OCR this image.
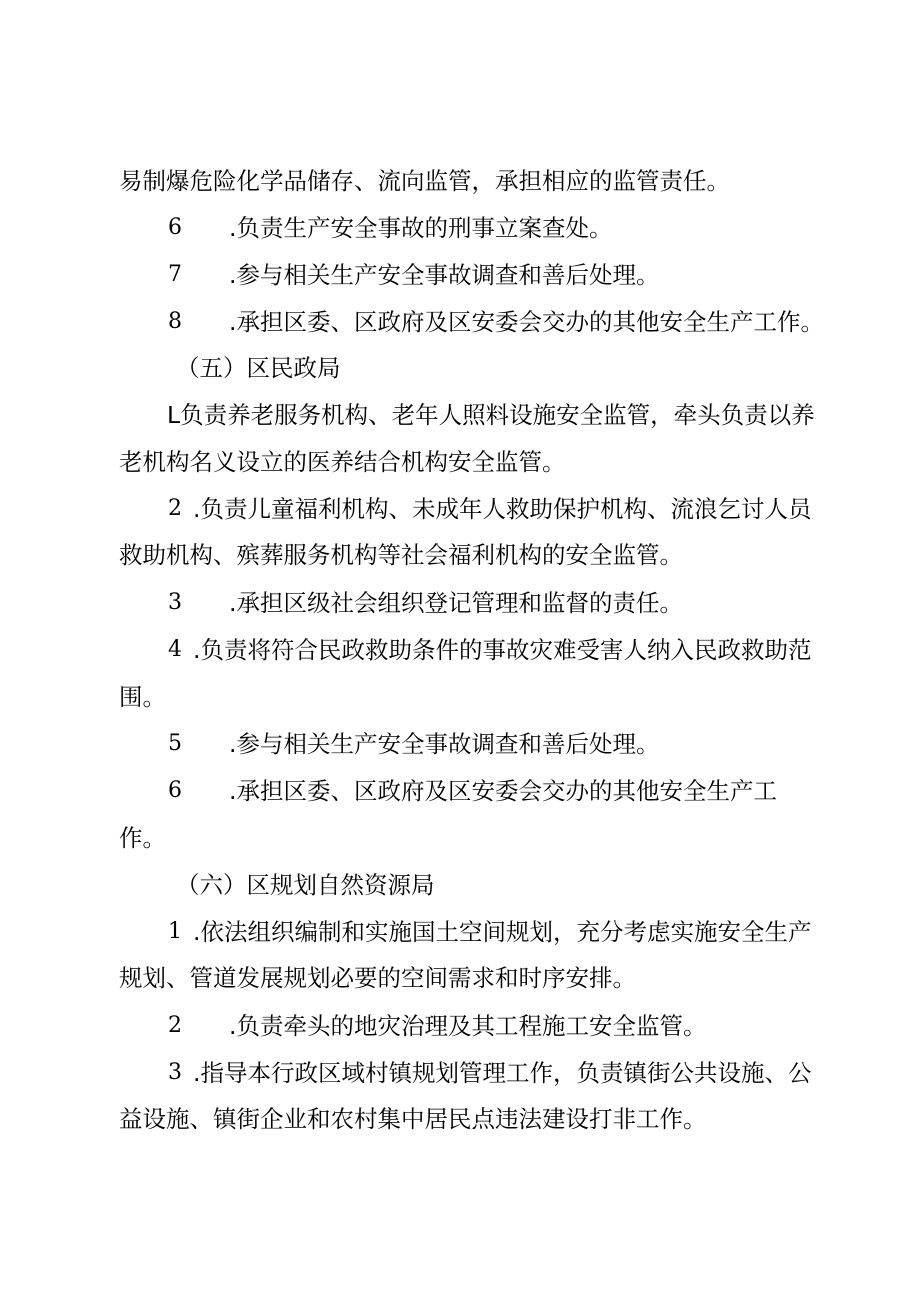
易制爆危险化学品储存、流向监管，承担相应的监管责任。
6 .负责生产安全事故的刑事立案查处。
7 .参与相关生产安全事故调查和善后处理。
8 .承担区委、区政府及区安委会交办的其他安全生产工作。
（五）区民政局
L负责养老服务机构、老年人照料设施安全监管，牵头负责以养
老机构名义设立的医养结合机构安全监管。
2 .负责儿童福利机构、未成年人救助保护机构、流浪乞讨人员
救助机构、殡葬服务机构等社会福利机构的安全监管。
3 .承担区级社会组织登记管理和监督的责任。
4 .负责将符合民政救助条件的事故灾难受害人纳入民政救助范
围。
5 .参与相关生产安全事故调查和善后处理。
6 .承担区委、区政府及区安委会交办的其他安全生产工
作。
（六）区规划自然资源局
1 .依法组织编制和实施国土空间规划，充分考虑实施安全生产
规划、管道发展规划必要的空间需求和时序安排。
2 .负责牵头的地灾治理及其工程施工安全监管。
3 .指导本行政区域村镇规划管理工作，负责镇街公共设施、公
益设施、镇街企业和农村集中居民点违法建设打非工作。
